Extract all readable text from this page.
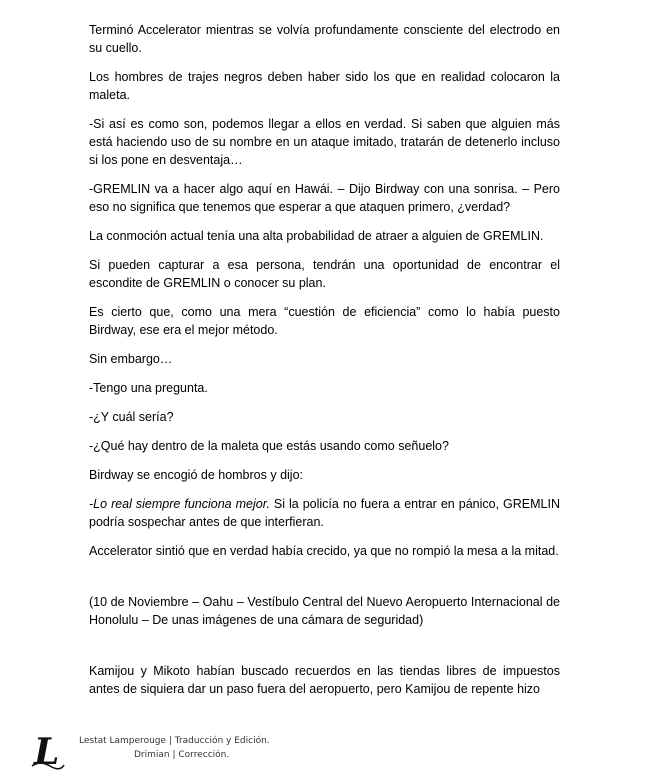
Terminó Accelerator mientras se volvía profundamente consciente del electrodo en su cuello.

Los hombres de trajes negros deben haber sido los que en realidad colocaron la maleta.

-Si así es como son, podemos llegar a ellos en verdad. Si saben que alguien más está haciendo uso de su nombre en un ataque imitado, tratarán de detenerlo incluso si los pone en desventaja…

-GREMLIN va a hacer algo aquí en Hawái. – Dijo Birdway con una sonrisa. – Pero eso no significa que tenemos que esperar a que ataquen primero, ¿verdad?

La conmoción actual tenía una alta probabilidad de atraer a alguien de GREMLIN.

Si pueden capturar a esa persona, tendrán una oportunidad de encontrar el escondite de GREMLIN o conocer su plan.

Es cierto que, como una mera “cuestión de eficiencia” como lo había puesto Birdway, ese era el mejor método.

Sin embargo…

-Tengo una pregunta.

-¿Y cuál sería?

-¿Qué hay dentro de la maleta que estás usando como señuelo?

Birdway se encogió de hombros y dijo:

-Lo real siempre funciona mejor. Si la policía no fuera a entrar en pánico, GREMLIN podría sospechar antes de que interfieran.

Accelerator sintió que en verdad había crecido, ya que no rompió la mesa a la mitad.

(10 de Noviembre – Oahu – Vestíbulo Central del Nuevo Aeropuerto Internacional de Honolulu – De unas imágenes de una cámara de seguridad)

Kamijou y Mikoto habían buscado recuerdos en las tiendas libres de impuestos antes de siquiera dar un paso fuera del aeropuerto, pero Kamijou de repente hizo

L Lestat Lamperouge | Traducción y Edición.
Drimian | Corrección.
